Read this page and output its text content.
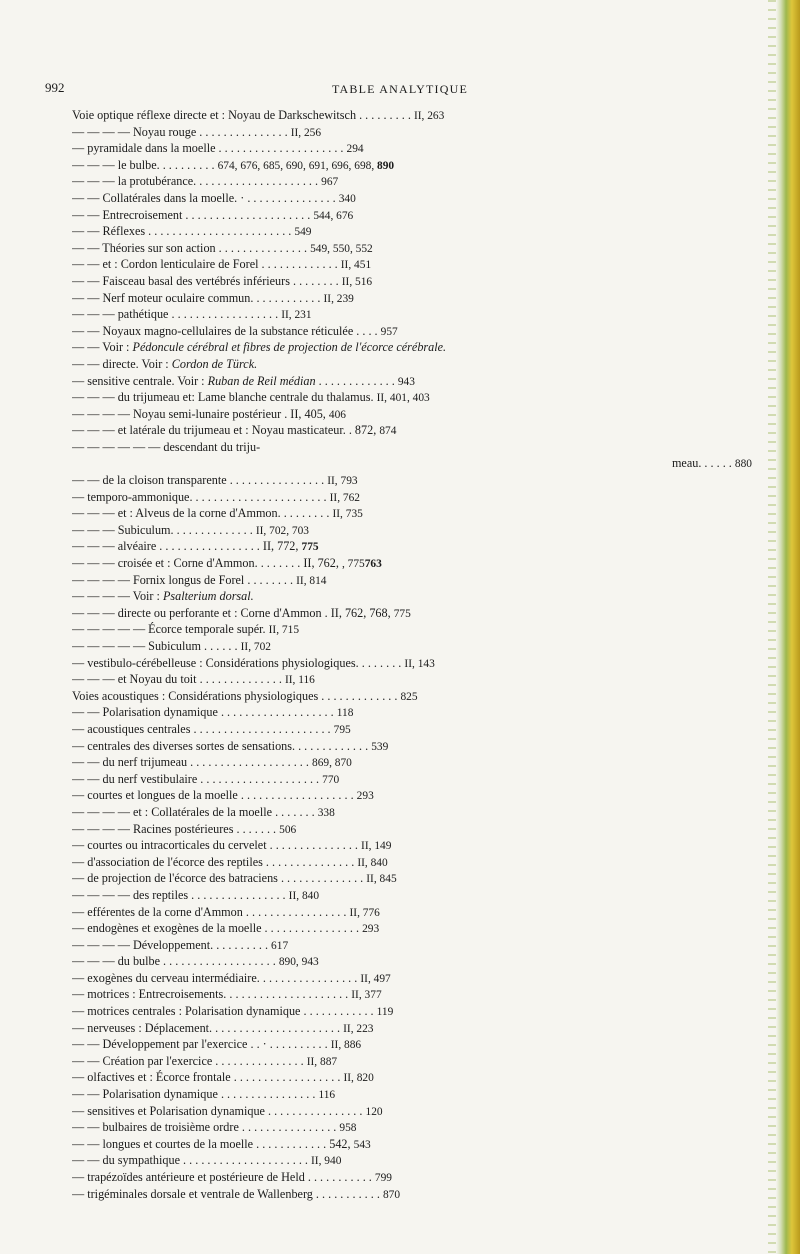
992	TABLE ANALYTIQUE
Voie optique réflexe directe et : Noyau de Darkschewitsch . . . . . . . . . II, 263
— — — — Noyau rouge . . . . . . . . . . . . . . . II, 256
— pyramidale dans la moelle . . . . . . . . . . . . . . . . . . . . . 294
— — — le bulbe. . . . . . . . . . 674, 676, 685, 690, 691, 696, 698, 890
— — — la protubérance. . . . . . . . . . . . . . . . . . . . . 967
— — Collatérales dans la moelle. · . . . . . . . . . . . . . . . 340
— — Entrecroisement . . . . . . . . . . . . . . . . . . . . . 544, 676
— — Réflexes . . . . . . . . . . . . . . . . . . . . . . . . 549
— — Théories sur son action . . . . . . . . . . . . . . . 549, 550, 552
— — et : Cordon lenticulaire de Forel . . . . . . . . . . . . . II, 451
— — Faisceau basal des vertébrés inférieurs . . . . . . . . II, 516
— — Nerf moteur oculaire commun. . . . . . . . . . . . II, 239
— — — pathétique . . . . . . . . . . . . . . . . . . II, 231
— — Noyaux magno-cellulaires de la substance réticulée . . . . 957
— — Voir : Pédoncule cérébral et fibres de projection de l'écorce cérébrale.
— — directe. Voir : Cordon de Türck.
— sensitive centrale. Voir : Ruban de Reil médian . . . . . . . . . . . . . 943
— — — du trijumeau et: Lame blanche centrale du thalamus. II, 401, 403
— — — — Noyau semi-lunaire postérieur . II, 405, 406
— — — et latérale du trijumeau et : Noyau masticateur. . 872, 874
— — — — — — descendant du triju-
meau. . . . . . 880
— — de la cloison transparente . . . . . . . . . . . . . . . . II, 793
— temporo-ammonique. . . . . . . . . . . . . . . . . . . . . . . II, 762
— — — et : Alveus de la corne d'Ammon. . . . . . . . . II, 735
— — — Subiculum. . . . . . . . . . . . . . II, 702, 703
— — — alvéaire . . . . . . . . . . . . . . . . . II, 772, 775
— — — croisée et : Corne d'Ammon. . . . . . . . II, 762, , 775763
— — — — Fornix longus de Forel . . . . . . . . II, 814
— — — — Voir : Psalterium dorsal.
— — — directe ou perforante et : Corne d'Ammon . II, 762, 768, 775
— — — — — Écorce temporale supér. II, 715
— — — — — Subiculum . . . . . . II, 702
— vestibulo-cérébelleuse : Considérations physiologiques. . . . . . . . II, 143
— — — et Noyau du toit . . . . . . . . . . . . . . II, 116
Voies acoustiques : Considérations physiologiques . . . . . . . . . . . . . 825
— — Polarisation dynamique . . . . . . . . . . . . . . . . . . . 118
— acoustiques centrales . . . . . . . . . . . . . . . . . . . . . . . 795
— centrales des diverses sortes de sensations. . . . . . . . . . . . . 539
— — du nerf trijumeau . . . . . . . . . . . . . . . . . . . . 869, 870
— — du nerf vestibulaire . . . . . . . . . . . . . . . . . . . . 770
— courtes et longues de la moelle . . . . . . . . . . . . . . . . . . . 293
— — — — et : Collatérales de la moelle . . . . . . . 338
— — — — Racines postérieures . . . . . . . 506
— courtes ou intracorticales du cervelet . . . . . . . . . . . . . . . II, 149
— d'association de l'écorce des reptiles . . . . . . . . . . . . . . . II, 840
— de projection de l'écorce des batraciens . . . . . . . . . . . . . . II, 845
— — — — des reptiles . . . . . . . . . . . . . . . . II, 840
— efférentes de la corne d'Ammon . . . . . . . . . . . . . . . . . II, 776
— endogènes et exogènes de la moelle . . . . . . . . . . . . . . . . 293
— — — — Développement. . . . . . . . . . 617
— — — du bulbe . . . . . . . . . . . . . . . . . . . 890, 943
— exogènes du cerveau intermédiaire. . . . . . . . . . . . . . . . . II, 497
— motrices : Entrecroisements. . . . . . . . . . . . . . . . . . . . . II, 377
— motrices centrales : Polarisation dynamique . . . . . . . . . . . . 119
— nerveuses : Déplacement. . . . . . . . . . . . . . . . . . . . . . II, 223
— — Développement par l'exercice . . · . . . . . . . . . . II, 886
— — Création par l'exercice . . . . . . . . . . . . . . . II, 887
— olfactives et : Écorce frontale . . . . . . . . . . . . . . . . . . II, 820
— — Polarisation dynamique . . . . . . . . . . . . . . . . 116
— sensitives et Polarisation dynamique . . . . . . . . . . . . . . . . 120
— — bulbaires de troisième ordre . . . . . . . . . . . . . . . . 958
— — longues et courtes de la moelle . . . . . . . . . . . . 542, 543
— — du sympathique . . . . . . . . . . . . . . . . . . . . . II, 940
— trapézoïdes antérieure et postérieure de Held . . . . . . . . . . . 799
— trigéminales dorsale et ventrale de Wallenberg . . . . . . . . . . . 870
